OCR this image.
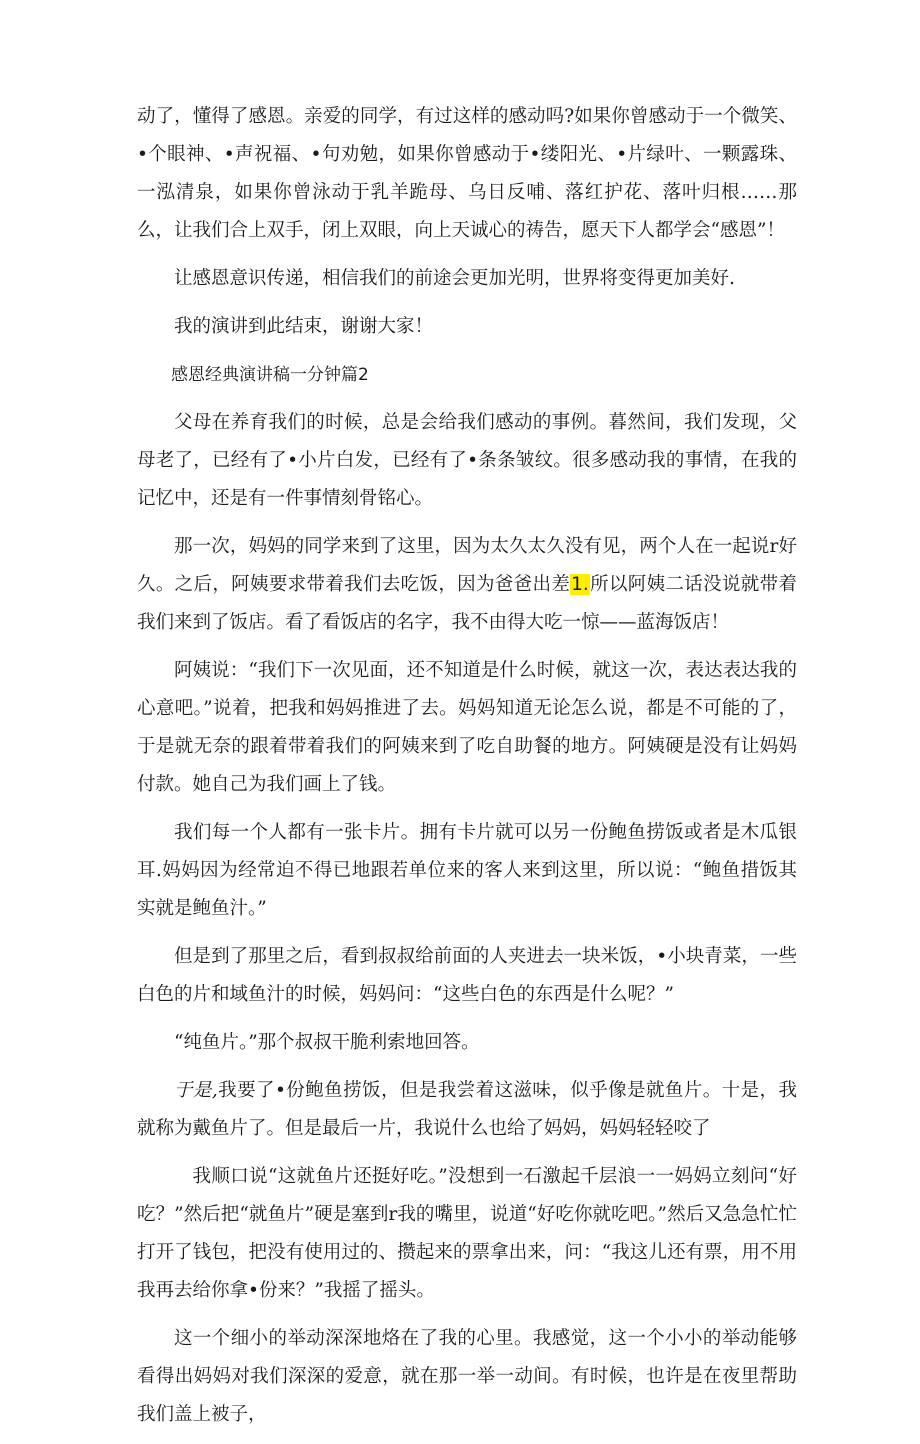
动了，懂得了感恩。亲爱的同学，有过这样的感动吗?如果你曾感动于一个微笑、•个眼神、•声祝福、•句劝勉，如果你曾感动于•缕阳光、•片绿叶、一颗露珠、一泓清泉，如果你曾泳动于乳羊跪母、乌日反哺、落红护花、落叶归根……那么，让我们合上双手，闭上双眼，向上天诚心的祷告，愿天下人都学会“感恩”！

让感恩意识传递，相信我们的前途会更加光明，世界将变得更加美好.

我的演讲到此结束，谢谢大家！

感恩经典演讲稿一分钟篇2

父母在养育我们的时候，总是会给我们感动的事例。暮然间，我们发现，父母老了，已经有了•小片白发，已经有了•条条皱纹。很多感动我的事情，在我的记忆中，还是有一件事情刻骨铭心。

那一次，妈妈的同学来到了这里，因为太久太久没有见，两个人在一起说r好久。之后，阿姨要求带着我们去吃饭，因为爸爸出差1.所以阿姨二话没说就带着我们来到了饭店。看了看饭店的名字，我不由得大吃一惊——蓝海饭店！

阿姨说：“我们下一次见面，还不知道是什么时候，就这一次，表达表达我的心意吧。”说着，把我和妈妈推进了去。妈妈知道无论怎么说，都是不可能的了，于是就无奈的跟着带着我们的阿姨来到了吃自助餐的地方。阿姨硬是没有让妈妈付款。她自己为我们画上了钱。

我们每一个人都有一张卡片。拥有卡片就可以另一份鲍鱼捞饭或者是木瓜银耳.妈妈因为经常迫不得已地跟若单位来的客人来到这里，所以说：“鲍鱼措饭其实就是鲍鱼汁。”

但是到了那里之后，看到叔叔给前面的人夹进去一块米饭，•小块青菜，一些白色的片和域鱼汁的时候，妈妈问：“这些白色的东西是什么呢？”

“纯鱼片。”那个叔叔干脆利索地回答。

于是,我要了•份鲍鱼捞饭，但是我尝着这滋味，似乎像是就鱼片。十是，我就称为戴鱼片了。但是最后一片，我说什么也给了妈妈，妈妈轻轻咬了

我顺口说“这就鱼片还挺好吃。”没想到一石激起千层浪一一妈妈立刻问“好吃？”然后把“就鱼片”硬是塞到r我的嘴里，说道“好吃你就吃吧。”然后又急急忙忙打开了钱包，把没有使用过的、攒起来的票拿出来，问：“我这儿还有票，用不用我再去给你拿•份来？”我摇了摇头。

这一个细小的举动深深地烙在了我的心里。我感觉，这一个小小的举动能够看得出妈妈对我们深深的爱意，就在那一举一动间。有时候，也许是在夜里帮助我们盖上被子，
